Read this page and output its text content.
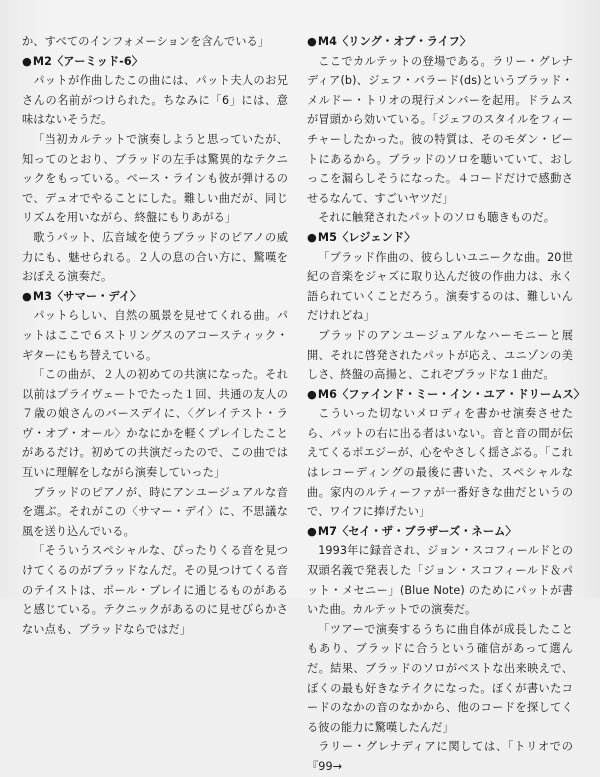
か、すべてのインフォメーションを含んでいる」

●M2〈アーミッド-6〉

パットが作曲したこの曲には、パット夫人のお兄さんの名前がつけられた。ちなみに「6」には、意味はないそうだ。

「当初カルテットで演奏しようと思っていたが、知ってのとおり、ブラッドの左手は驚異的なテクニックをもっている。ベース・ラインも彼が弾けるので、デュオでやることにした。難しい曲だが、同じリズムを用いながら、終盤にもりあがる」

歌うパット、広音域を使うブラッドのピアノの威力にも、魅せられる。２人の息の合い方に、驚嘆をおぼえる演奏だ。

●M3〈サマー・デイ〉

パットらしい、自然の風景を見せてくれる曲。パットはここで６ストリングスのアコースティック・ギターにもち替えている。

「この曲が、２人の初めての共演になった。それ以前はプライヴェートでたった１回、共通の友人の７歳の娘さんのバースデイに、〈グレイテスト・ラヴ・オブ・オール〉かなにかを軽くプレイしたことがあるだけ。初めての共演だったので、この曲では互いに理解をしながら演奏していった」

ブラッドのピアノが、時にアンユージュアルな音を選ぶ。それがこの〈サマー・デイ〉に、不思議な風を送り込んでいる。

「そういうスペシャルな、ぴったりくる音を見つけてくるのがブラッドなんだ。その見つけてくる音のテイストは、ポール・ブレイに通じるものがあると感じている。テクニックがあるのに見せびらかさない点も、ブラッドならではだ」

●M4〈リング・オブ・ライフ〉

ここでカルテットの登場である。ラリー・グレナディア(b)、ジェフ・バラード(ds)というブラッド・メルドー・トリオの現行メンバーを起用。ドラムスが冒頭から効いている。「ジェフのスタイルをフィーチャーしたかった。彼の特質は、そのモダン・ビートにあるから。ブラッドのソロを聴いていて、おしっこを漏らしそうになった。４コードだけで感動させるなんて、すごいヤツだ」

それに触発されたパットのソロも聴きものだ。

●M5〈レジェンド〉

「ブラッド作曲の、彼らしいユニークな曲。20世紀の音楽をジャズに取り込んだ彼の作曲力は、永く語られていくことだろう。演奏するのは、難しいんだけれどね」

ブラッドのアンユージュアルなハーモニーと展開、それに啓発されたパットが応え、ユニゾンの美しさ、終盤の高揚と、これぞブラッドな１曲だ。

●M6〈ファインド・ミー・イン・ユア・ドリームス〉

こういった切ないメロディを書かせ演奏させたら、パットの右に出る者はいない。音と音の間が伝えてくるポエジーが、心をやさしく揺さぶる。「これはレコーディングの最後に書いた、スペシャルな曲。家内のルティーファが一番好きな曲だというので、ワイフに捧げたい」

●M7〈セイ・ザ・ブラザーズ・ネーム〉

1993年に録音され、ジョン・スコフィールドとの双頭名義で発表した「ジョン・スコフィールド＆パット・メセニー」(Blue Note) のためにパットが書いた曲。カルテットでの演奏だ。

「ツアーで演奏するうちに曲自体が成長したこともあり、ブラッドに合うという確信があって選んだ。結果、ブラッドのソロがベストな出来映えで、ぼくの最も好きなテイクになった。ぼくが書いたコードのなかの音のなかから、他のコードを探してくる彼の能力に驚嘆したんだ」

ラリー・グレナディアに関しては、「トリオでの『99→
